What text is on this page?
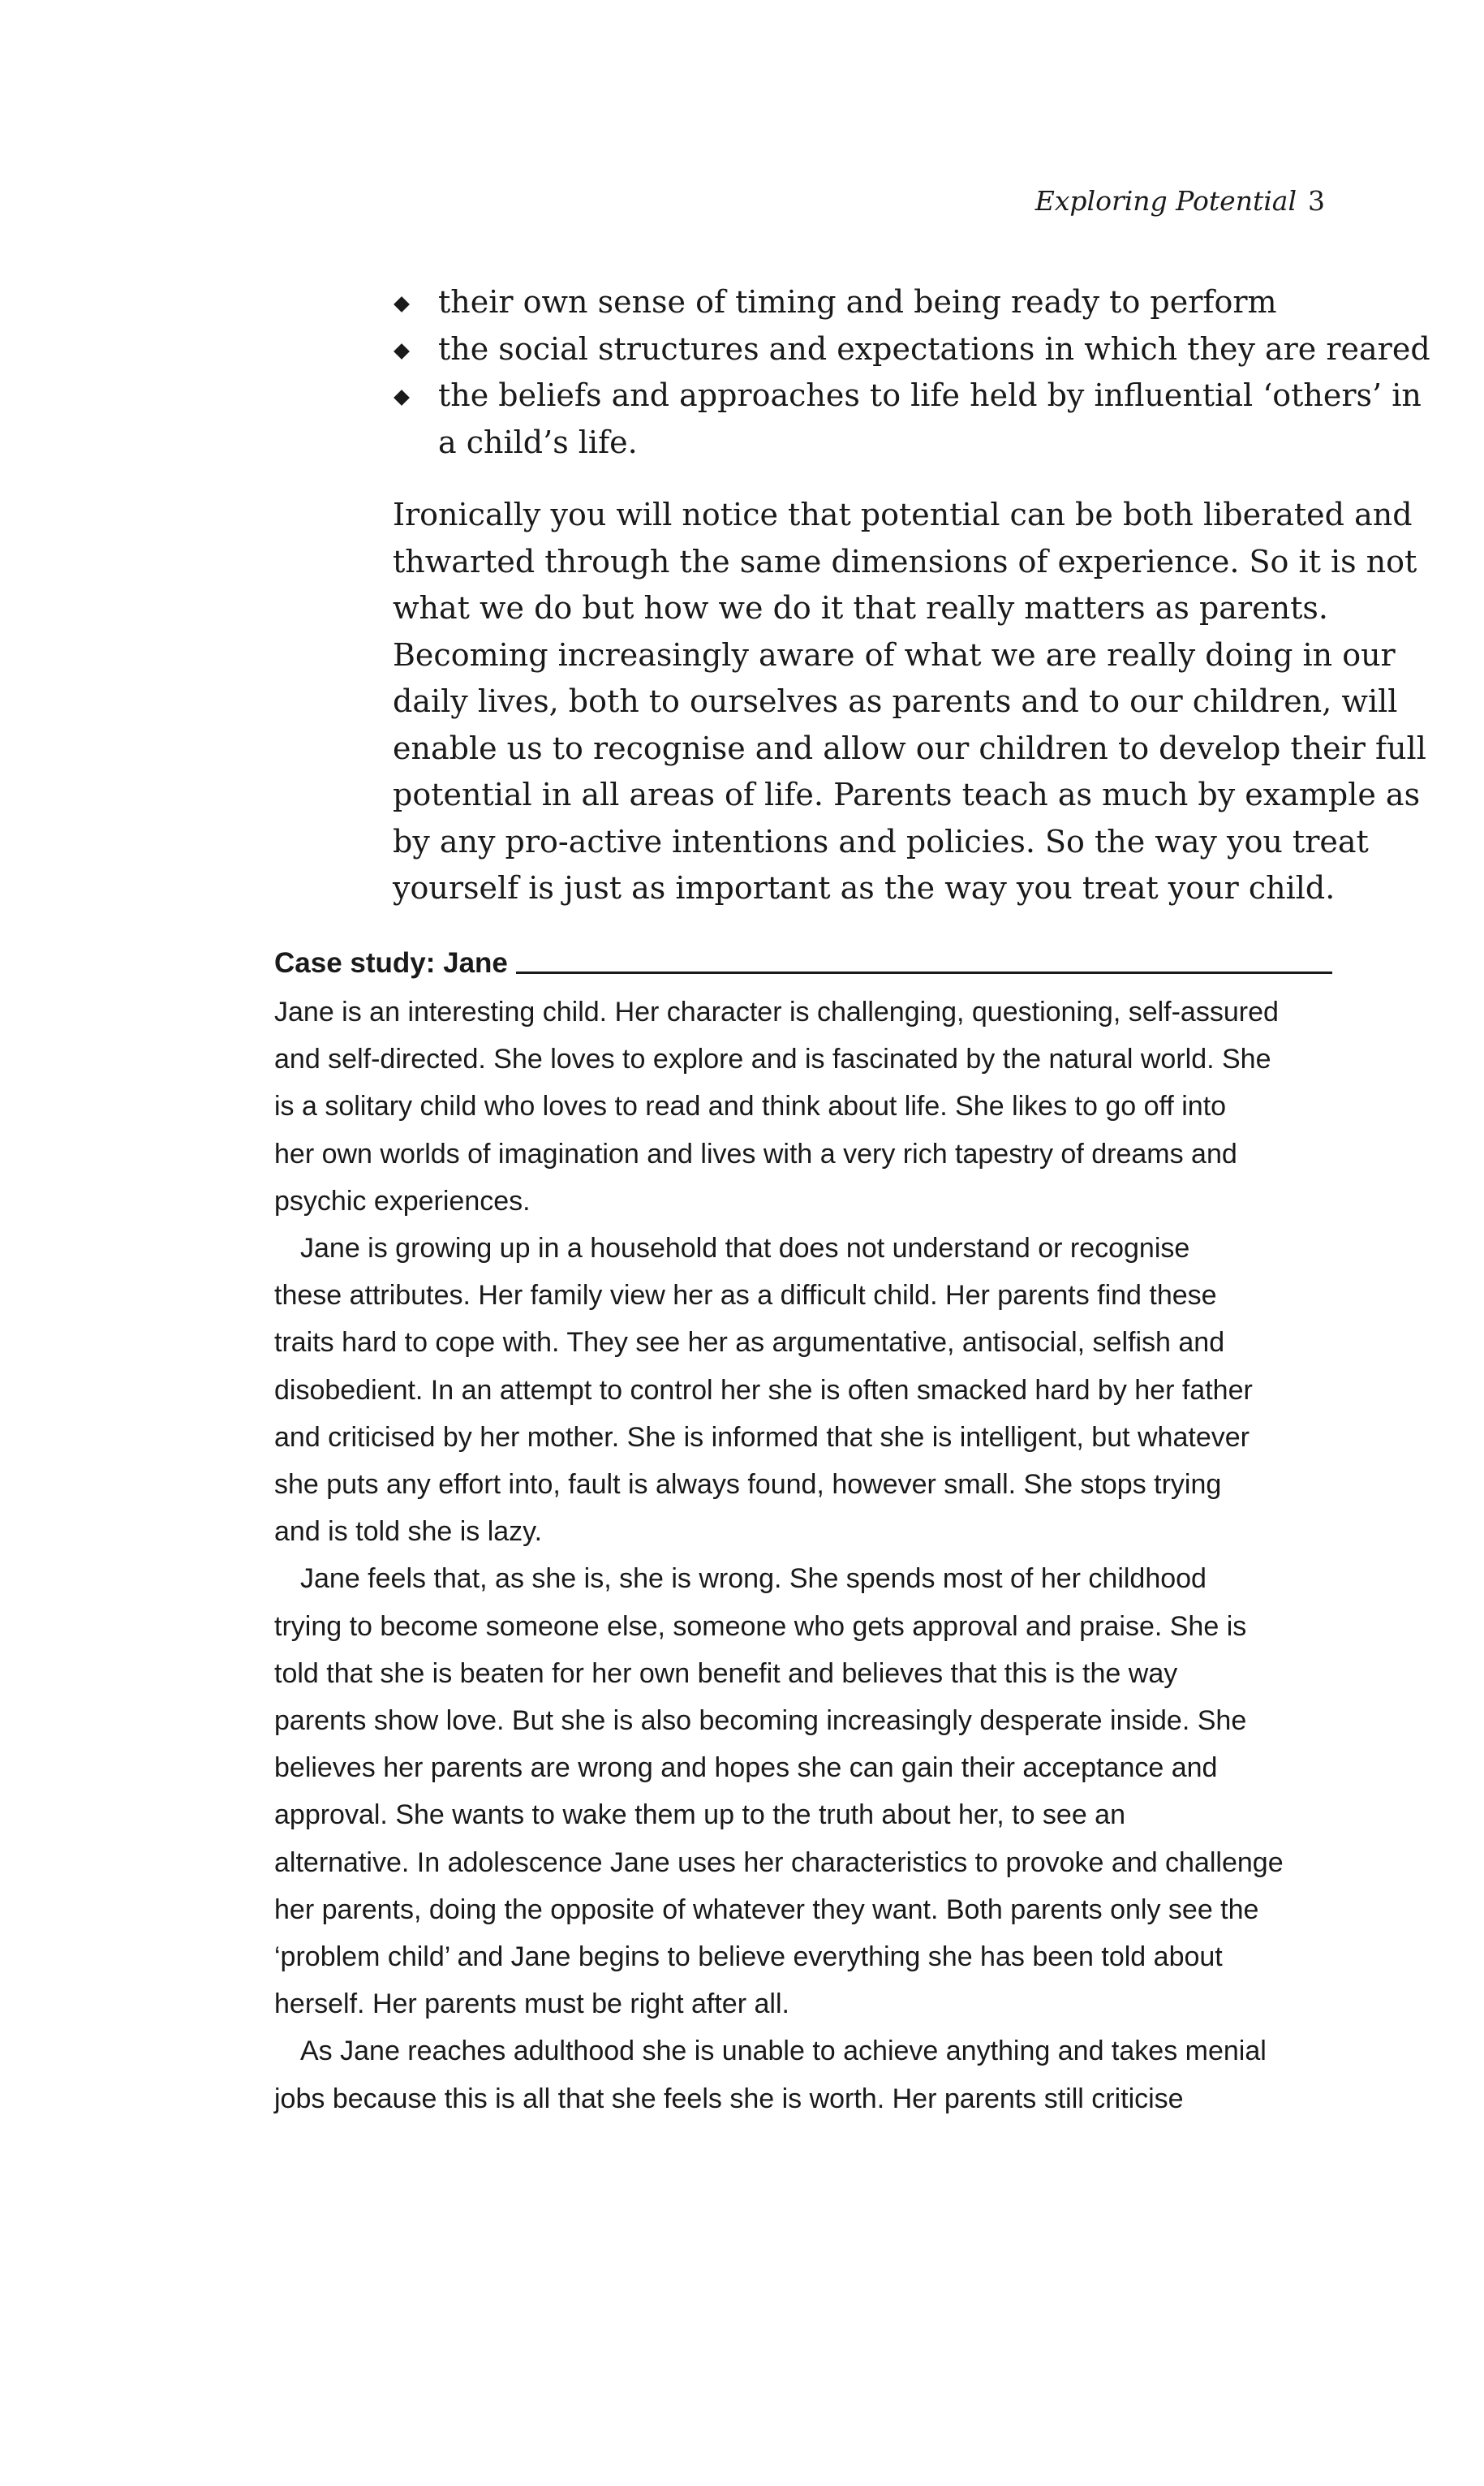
Exploring Potential 3
their own sense of timing and being ready to perform
the social structures and expectations in which they are reared
the beliefs and approaches to life held by influential ‘others’ in
a child’s life.

Ironically you will notice that potential can be both liberated and
thwarted through the same dimensions of experience. So it is not
what we do but how we do it that really matters as parents.
Becoming increasingly aware of what we are really doing in our
daily lives, both to ourselves as parents and to our children, will
enable us to recognise and allow our children to develop their full
potential in all areas of life. Parents teach as much by example as
by any pro-active intentions and policies. So the way you treat
yourself is just as important as the way you treat your child.

Case study: Jane

Jane is an interesting child. Her character is challenging, questioning, self-assured
and self-directed. She loves to explore and is fascinated by the natural world. She
is a solitary child who loves to read and think about life. She likes to go off into
her own worlds of imagination and lives with a very rich tapestry of dreams and
psychic experiences.

Jane is growing up in a household that does not understand or recognise
these attributes. Her family view her as a difficult child. Her parents find these
traits hard to cope with. They see her as argumentative, antisocial, selfish and
disobedient. In an attempt to control her she is often smacked hard by her father
and criticised by her mother. She is informed that she is intelligent, but whatever
she puts any effort into, fault is always found, however small. She stops trying
and is told she is lazy.

Jane feels that, as she is, she is wrong. She spends most of her childhood
trying to become someone else, someone who gets approval and praise. She is
told that she is beaten for her own benefit and believes that this is the way
parents show love. But she is also becoming increasingly desperate inside. She
believes her parents are wrong and hopes she can gain their acceptance and
approval. She wants to wake them up to the truth about her, to see an
alternative. In adolescence Jane uses her characteristics to provoke and challenge
her parents, doing the opposite of whatever they want. Both parents only see the
‘problem child’ and Jane begins to believe everything she has been told about
herself. Her parents must be right after all.

As Jane reaches adulthood she is unable to achieve anything and takes menial
jobs because this is all that she feels she is worth. Her parents still criticise
